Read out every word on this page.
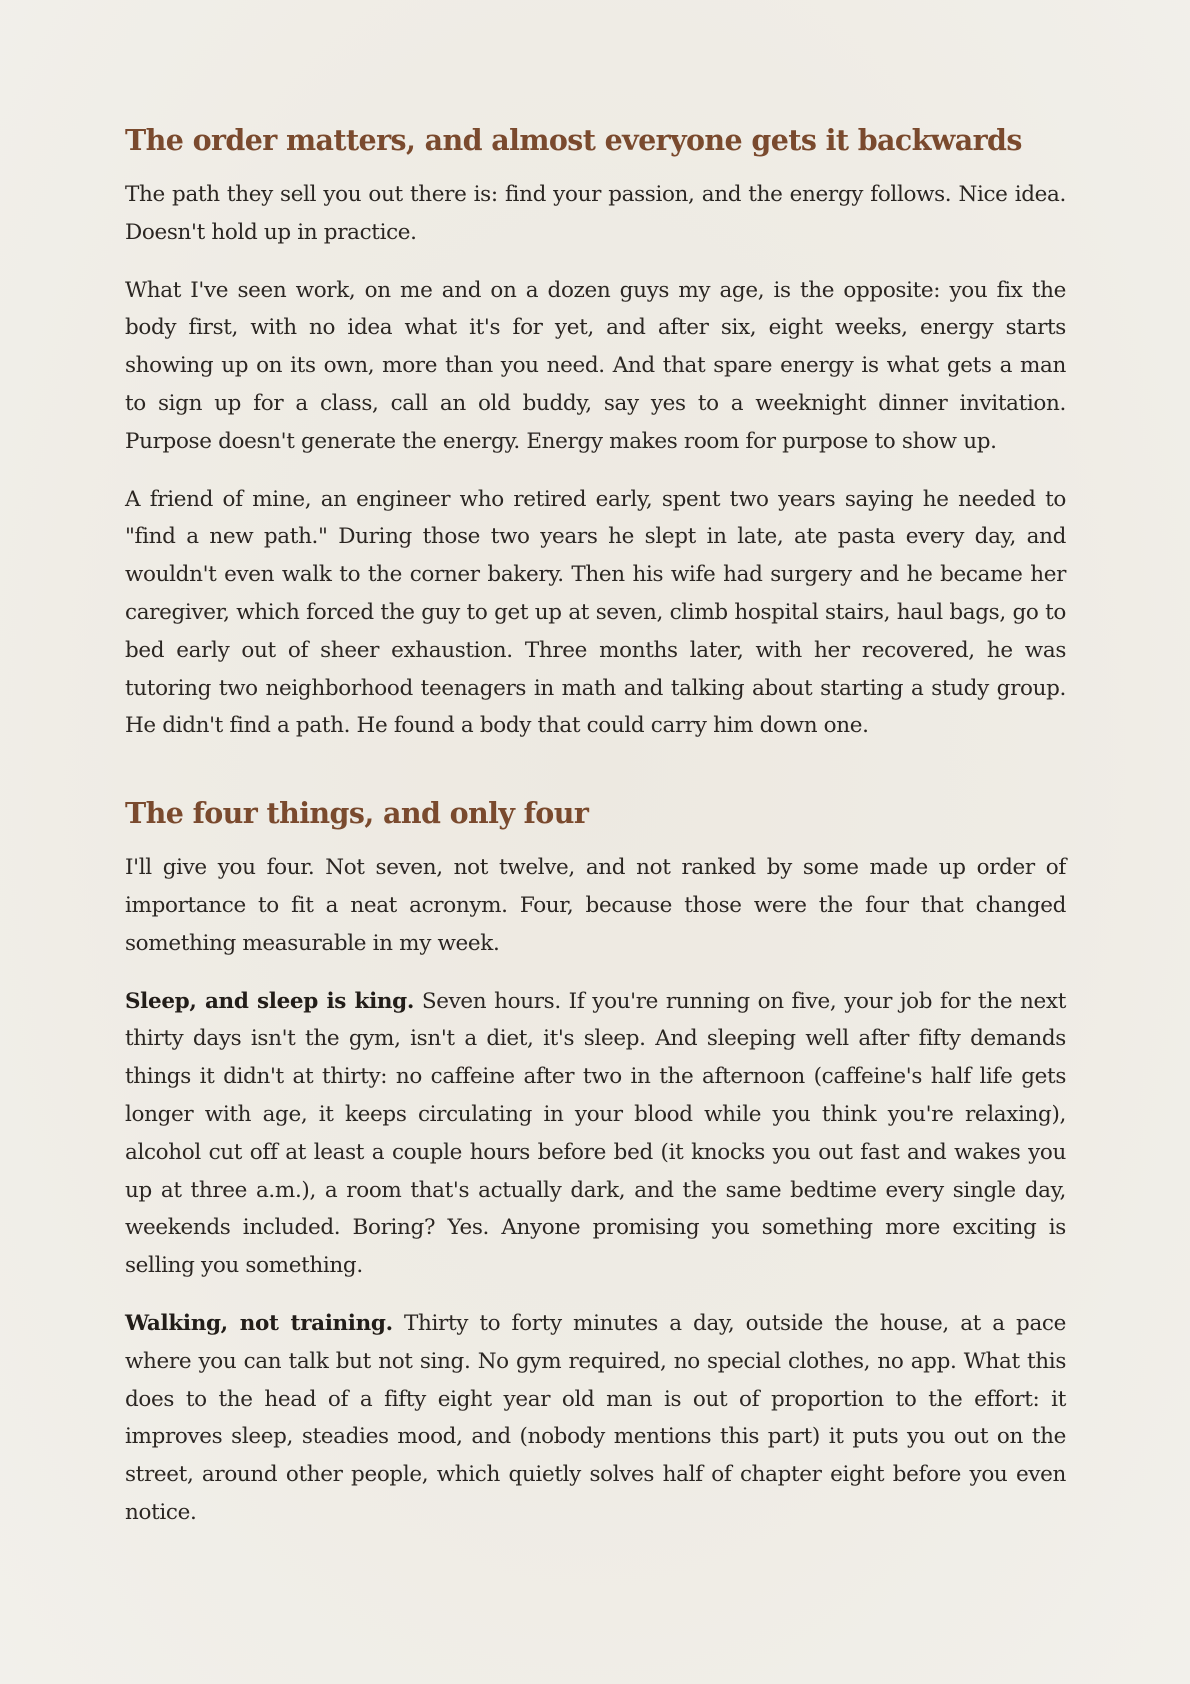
The order matters, and almost everyone gets it backwards

The path they sell you out there is: find your passion, and the energy follows. Nice idea. Doesn't hold up in practice.

What I've seen work, on me and on a dozen guys my age, is the opposite: you fix the body first, with no idea what it's for yet, and after six, eight weeks, energy starts showing up on its own, more than you need. And that spare energy is what gets a man to sign up for a class, call an old buddy, say yes to a weeknight dinner invitation. Purpose doesn't generate the energy. Energy makes room for purpose to show up.

A friend of mine, an engineer who retired early, spent two years saying he needed to "find a new path." During those two years he slept in late, ate pasta every day, and wouldn't even walk to the corner bakery. Then his wife had surgery and he became her caregiver, which forced the guy to get up at seven, climb hospital stairs, haul bags, go to bed early out of sheer exhaustion. Three months later, with her recovered, he was tutoring two neighborhood teenagers in math and talking about starting a study group. He didn't find a path. He found a body that could carry him down one.

The four things, and only four

I'll give you four. Not seven, not twelve, and not ranked by some made up order of importance to fit a neat acronym. Four, because those were the four that changed something measurable in my week.

Sleep, and sleep is king. Seven hours. If you're running on five, your job for the next thirty days isn't the gym, isn't a diet, it's sleep. And sleeping well after fifty demands things it didn't at thirty: no caffeine after two in the afternoon (caffeine's half life gets longer with age, it keeps circulating in your blood while you think you're relaxing), alcohol cut off at least a couple hours before bed (it knocks you out fast and wakes you up at three a.m.), a room that's actually dark, and the same bedtime every single day, weekends included. Boring? Yes. Anyone promising you something more exciting is selling you something.

Walking, not training. Thirty to forty minutes a day, outside the house, at a pace where you can talk but not sing. No gym required, no special clothes, no app. What this does to the head of a fifty eight year old man is out of proportion to the effort: it improves sleep, steadies mood, and (nobody mentions this part) it puts you out on the street, around other people, which quietly solves half of chapter eight before you even notice.
